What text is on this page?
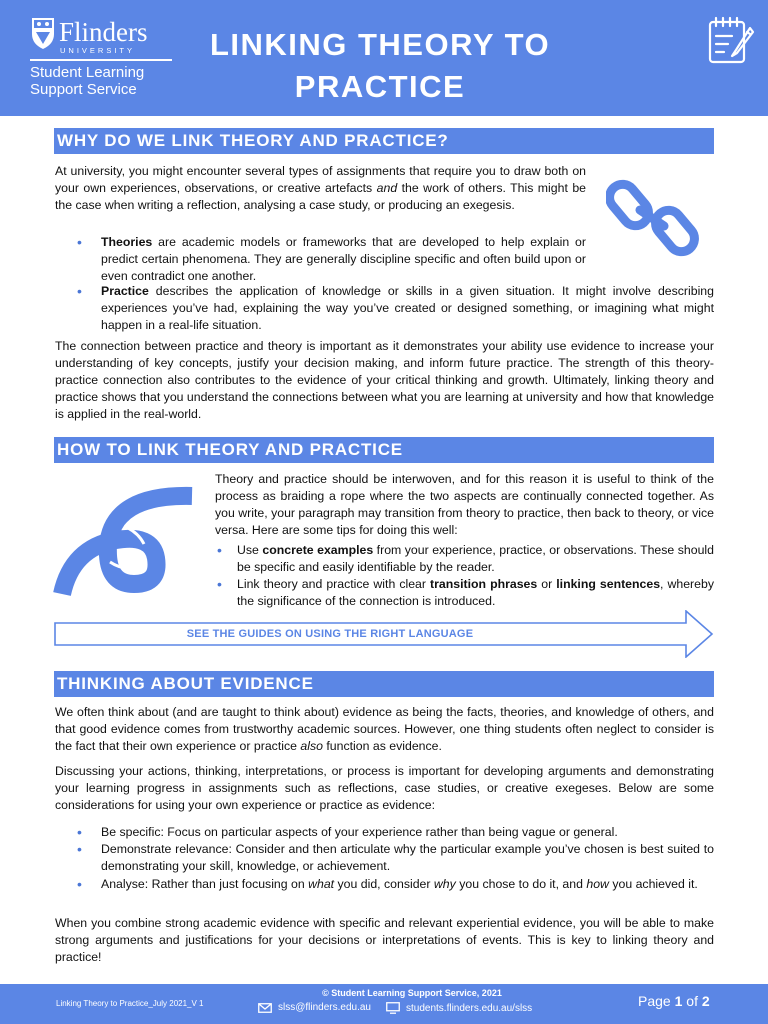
Flinders
UNIVERSITY
Student Learning
Support Service
LINKING THEORY TO
PRACTICE
WHY DO WE LINK THEORY AND PRACTICE?
At university, you might encounter several types of assignments that require you to draw both on your own experiences, observations, or creative artefacts and the work of others. This might be the case when writing a reflection, analysing a case study, or producing an exegesis.
• Theories are academic models or frameworks that are developed to help explain or predict certain phenomena. They are generally discipline specific and often build upon or even contradict one another.
• Practice describes the application of knowledge or skills in a given situation. It might involve describing experiences you’ve had, explaining the way you’ve created or designed something, or imagining what might happen in a real-life situation.
The connection between practice and theory is important as it demonstrates your ability use evidence to increase your understanding of key concepts, justify your decision making, and inform future practice. The strength of this theory-practice connection also contributes to the evidence of your critical thinking and growth. Ultimately, linking theory and practice shows that you understand the connections between what you are learning at university and how that knowledge is applied in the real-world.
HOW TO LINK THEORY AND PRACTICE
Theory and practice should be interwoven, and for this reason it is useful to think of the process as braiding a rope where the two aspects are continually connected together. As you write, your paragraph may transition from theory to practice, then back to theory, or vice versa. Here are some tips for doing this well:
• Use concrete examples from your experience, practice, or observations. These should be specific and easily identifiable by the reader.
• Link theory and practice with clear transition phrases or linking sentences, whereby the significance of the connection is introduced.
SEE THE GUIDES ON USING THE RIGHT LANGUAGE
THINKING ABOUT EVIDENCE
We often think about (and are taught to think about) evidence as being the facts, theories, and knowledge of others, and that good evidence comes from trustworthy academic sources. However, one thing students often neglect to consider is the fact that their own experience or practice also function as evidence.
Discussing your actions, thinking, interpretations, or process is important for developing arguments and demonstrating your learning progress in assignments such as reflections, case studies, or creative exegeses. Below are some considerations for using your own experience or practice as evidence:
• Be specific: Focus on particular aspects of your experience rather than being vague or general.
• Demonstrate relevance: Consider and then articulate why the particular example you’ve chosen is best suited to demonstrating your skill, knowledge, or achievement.
• Analyse: Rather than just focusing on what you did, consider why you chose to do it, and how you achieved it.
When you combine strong academic evidence with specific and relevant experiential evidence, you will be able to make strong arguments and justifications for your decisions or interpretations of events. This is key to linking theory and practice!
Linking Theory to Practice_July 2021_V 1
© Student Learning Support Service, 2021
slss@flinders.edu.au	students.flinders.edu.au/slss	Page 1 of 2
